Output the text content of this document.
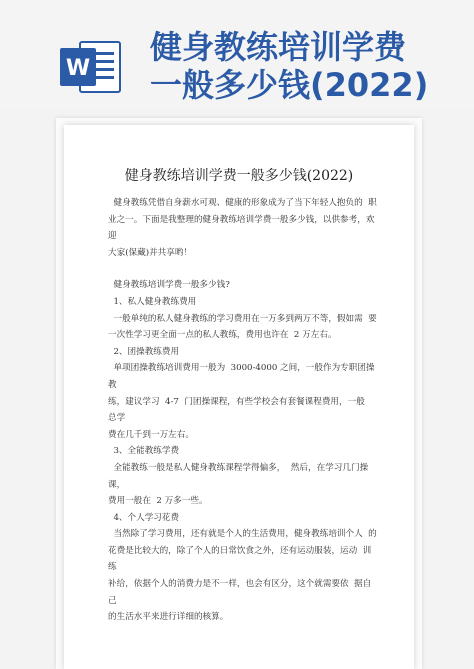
W
健身教练培训学费
一般多少钱(2022)
健身教练培训学费一般多少钱(2022)

健身教练凭借自身薪水可观、健康的形象成为了当下年轻人抱负的  职

业之一。下面是我整理的健身教练培训学费一般多少钱，以供参考，欢迎

大家(保藏)并共享哟！

健身教练培训学费一般多少钱?

1、私人健身教练费用

一般单纯的私人健身教练的学习费用在一万多到两万不等，假如需  要

一次性学习更全面一点的私人教练，费用也许在  2 万左右。

2、团操教练费用

单项团操教练培训费用一般为  3000-4000 之间，一般作为专职团操  教

练，建议学习  4-7  门团操课程，有些学校会有套餐课程费用，一般  总学

费在几千到一万左右。

3、全能教练学费

全能教练一般是私人健身教练课程学得偏多，  然后，在学习几门操  课，

费用一般在  2 万多一些。

4、个人学习花费

当然除了学习费用，还有就是个人的生活费用，健身教练培训个人  的

花费是比较大的，除了个人的日常饮食之外，还有运动服装，运动  训练

补给，依据个人的消费力是不一样，也会有区分，这个就需要依  据自己

的生活水平来进行详细的核算。
